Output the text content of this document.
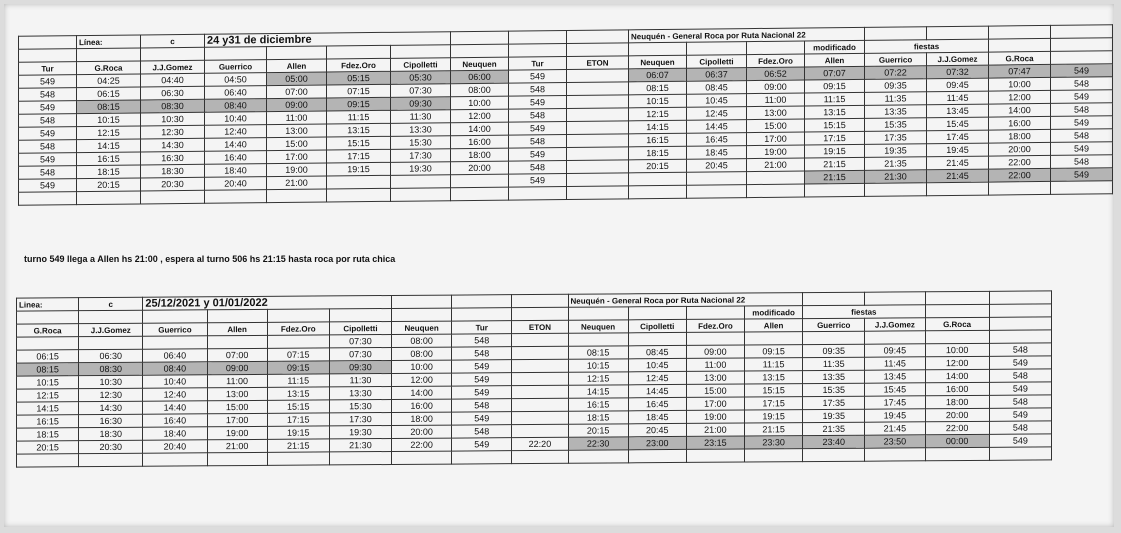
	Línea:	c	24 y31 de diciembre							Neuquén - General Roca por Ruta Nacional 22							
													modificado	fiestas			
Tur	G.Roca	J.J.Gomez	Guerrico	Allen	Fdez.Oro	Cipolletti	Neuquen	Tur	ETON	Neuquen	Cipolletti	Fdez.Oro	Allen	Guerrico	J.J.Gomez	G.Roca	
549	04:25	04:40	04:50	05:00	05:15	05:30	06:00	549		06:07	06:37	06:52	07:07	07:22	07:32	07:47	549
548	06:15	06:30	06:40	07:00	07:15	07:30	08:00	548		08:15	08:45	09:00	09:15	09:35	09:45	10:00	548
549	08:15	08:30	08:40	09:00	09:15	09:30	10:00	549		10:15	10:45	11:00	11:15	11:35	11:45	12:00	549
548	10:15	10:30	10:40	11:00	11:15	11:30	12:00	548		12:15	12:45	13:00	13:15	13:35	13:45	14:00	548
549	12:15	12:30	12:40	13:00	13:15	13:30	14:00	549		14:15	14:45	15:00	15:15	15:35	15:45	16:00	549
548	14:15	14:30	14:40	15:00	15:15	15:30	16:00	548		16:15	16:45	17:00	17:15	17:35	17:45	18:00	548
549	16:15	16:30	16:40	17:00	17:15	17:30	18:00	549		18:15	18:45	19:00	19:15	19:35	19:45	20:00	549
548	18:15	18:30	18:40	19:00	19:15	19:30	20:00	548		20:15	20:45	21:00	21:15	21:35	21:45	22:00	548
549	20:15	20:30	20:40	21:00				549					21:15	21:30	21:45	22:00	549

turno 549 llega a Allen hs 21:00 , espera al turno 506 hs 21:15 hasta roca por ruta chica
Linea:	c	25/12/2021 y 01/01/2022							Neuquén - General Roca por Ruta Nacional 22							
												modificado	fiestas			
G.Roca	J.J.Gomez	Guerrico	Allen	Fdez.Oro	Cipolletti	Neuquen	Tur	ETON	Neuquen	Cipolletti	Fdez.Oro	Allen	Guerrico	J.J.Gomez	G.Roca	
					07:30	08:00	548									
06:15	06:30	06:40	07:00	07:15	07:30	08:00	548		08:15	08:45	09:00	09:15	09:35	09:45	10:00	548
08:15	08:30	08:40	09:00	09:15	09:30	10:00	549		10:15	10:45	11:00	11:15	11:35	11:45	12:00	549
10:15	10:30	10:40	11:00	11:15	11:30	12:00	549		12:15	12:45	13:00	13:15	13:35	13:45	14:00	548
12:15	12:30	12:40	13:00	13:15	13:30	14:00	549		14:15	14:45	15:00	15:15	15:35	15:45	16:00	549
14:15	14:30	14:40	15:00	15:15	15:30	16:00	548		16:15	16:45	17:00	17:15	17:35	17:45	18:00	548
16:15	16:30	16:40	17:00	17:15	17:30	18:00	549		18:15	18:45	19:00	19:15	19:35	19:45	20:00	549
18:15	18:30	18:40	19:00	19:15	19:30	20:00	548		20:15	20:45	21:00	21:15	21:35	21:45	22:00	548
20:15	20:30	20:40	21:00	21:15	21:30	22:00	549	22:20	22:30	23:00	23:15	23:30	23:40	23:50	00:00	549
